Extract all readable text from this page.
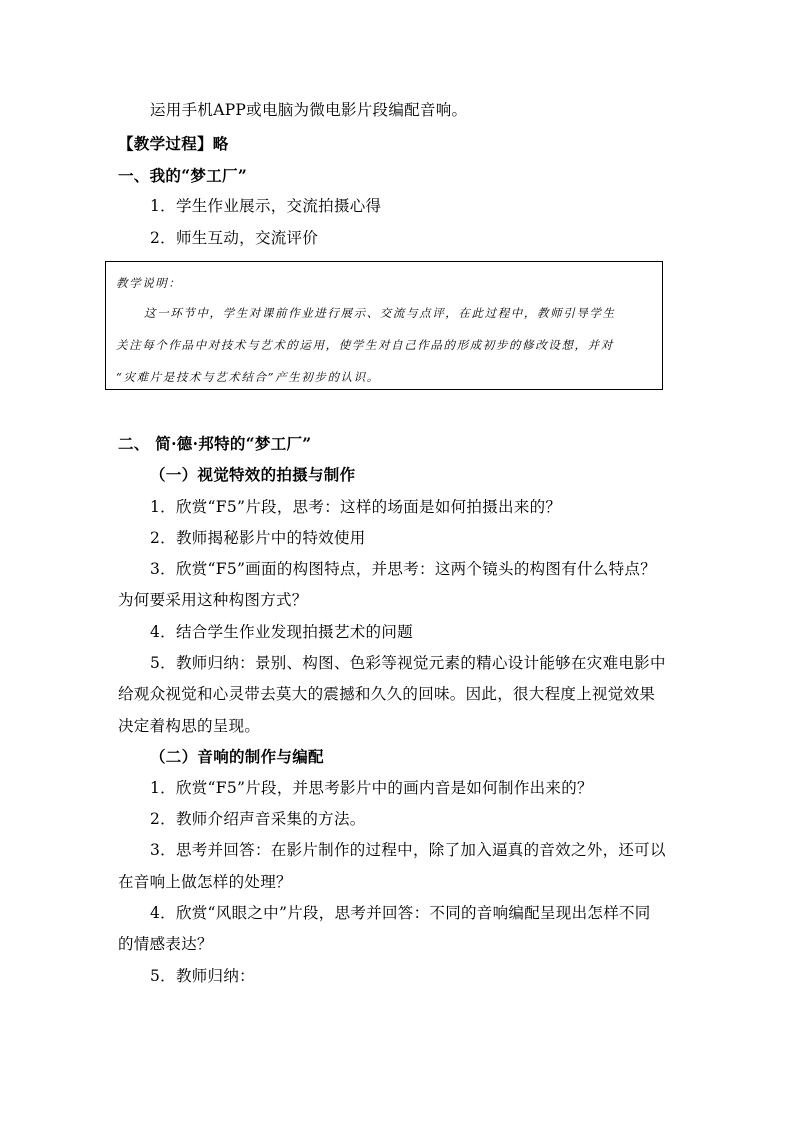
运用手机APP或电脑为微电影片段编配音响。
【教学过程】略
一、我的“梦工厂”
1．学生作业展示，交流拍摄心得
2．师生互动，交流评价
教学说明：
这一环节中，学生对课前作业进行展示、交流与点评，在此过程中，教师引导学生
关注每个作品中对技术与艺术的运用，使学生对自己作品的形成初步的修改设想，并对
“灾难片是技术与艺术结合”产生初步的认识。
二、 简·德·邦特的“梦工厂”
（一）视觉特效的拍摄与制作
1．欣赏“F5”片段，思考：这样的场面是如何拍摄出来的？
2．教师揭秘影片中的特效使用
3．欣赏“F5”画面的构图特点，并思考：这两个镜头的构图有什么特点？
为何要采用这种构图方式？
4．结合学生作业发现拍摄艺术的问题
5．教师归纳：景别、构图、色彩等视觉元素的精心设计能够在灾难电影中
给观众视觉和心灵带去莫大的震撼和久久的回味。因此，很大程度上视觉效果
决定着构思的呈现。
（二）音响的制作与编配
1．欣赏“F5”片段，并思考影片中的画内音是如何制作出来的？
2．教师介绍声音采集的方法。
3．思考并回答：在影片制作的过程中，除了加入逼真的音效之外，还可以
在音响上做怎样的处理？
4．欣赏“风眼之中”片段，思考并回答：不同的音响编配呈现出怎样不同
的情感表达？
5．教师归纳：
